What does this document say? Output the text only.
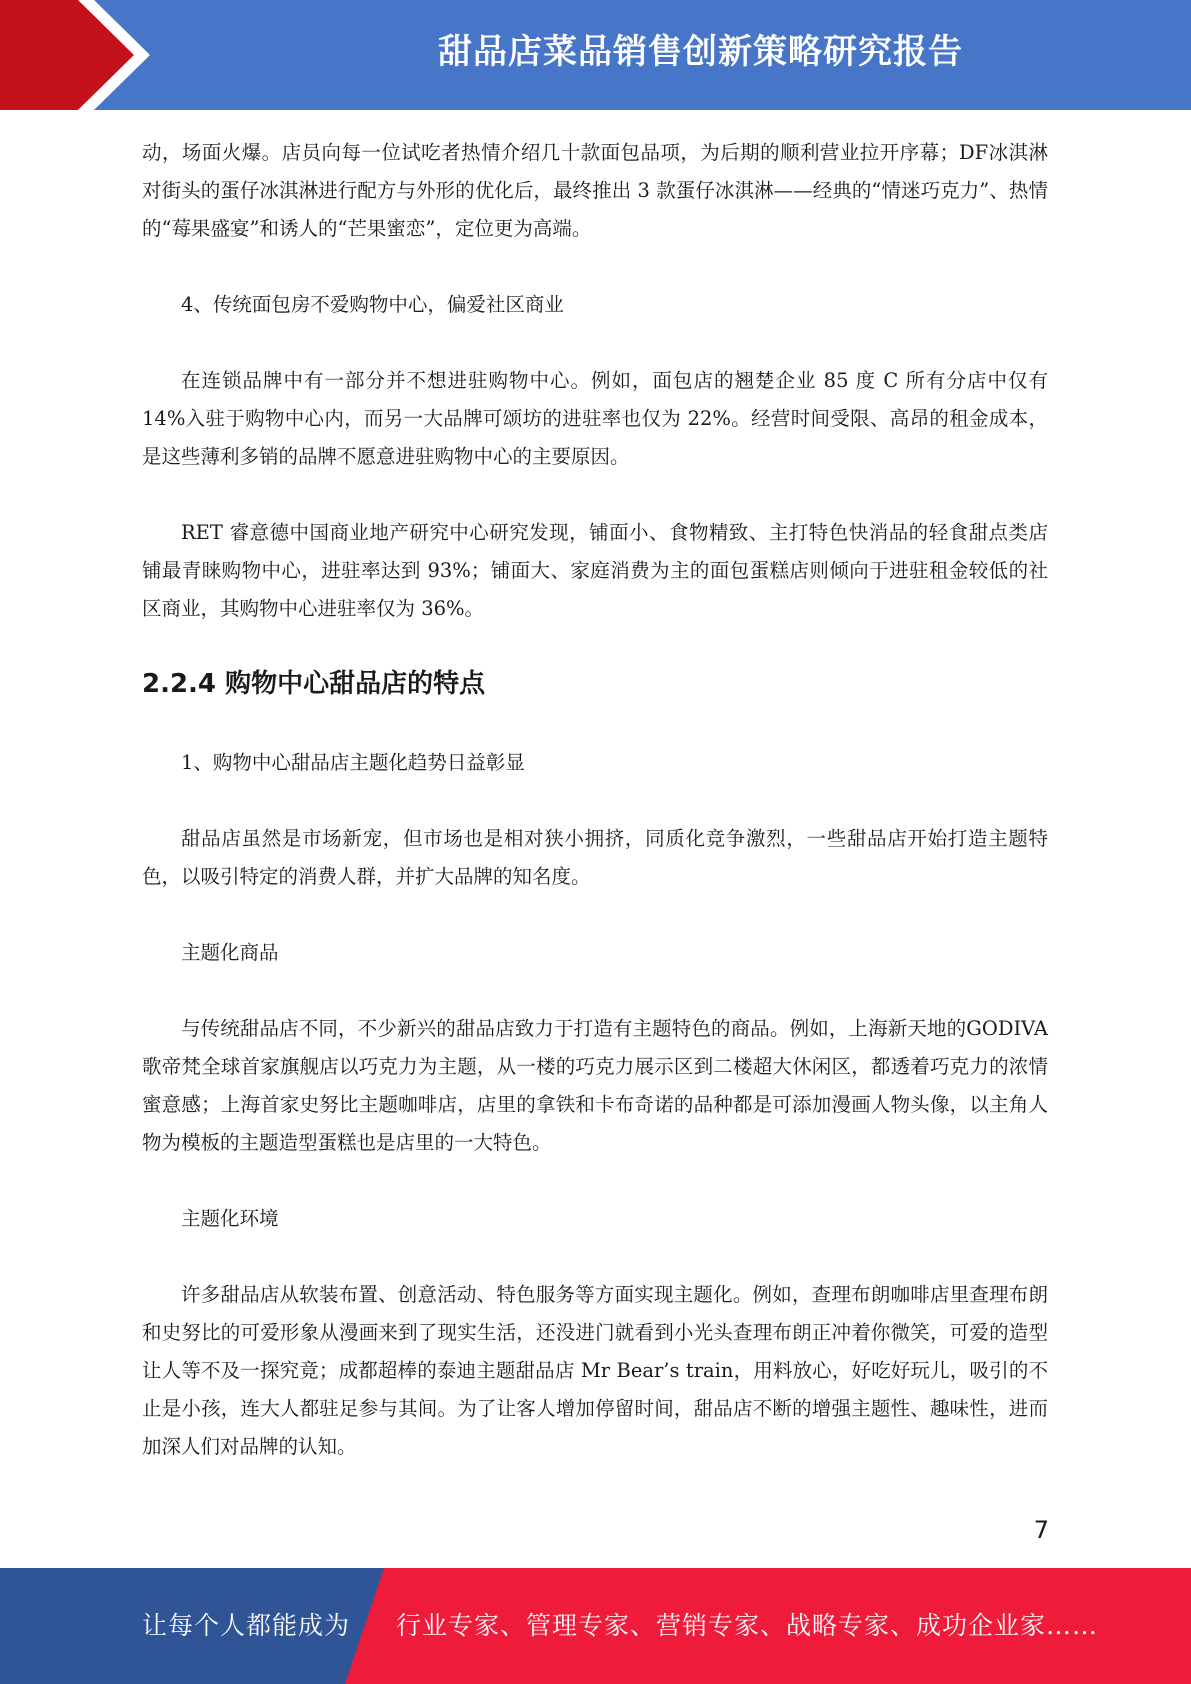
甜品店菜品销售创新策略研究报告

动，场面火爆。店员向每一位试吃者热情介绍几十款面包品项，为后期的顺利营业拉开序幕；DF冰淇淋对街头的蛋仔冰淇淋进行配方与外形的优化后，最终推出 3 款蛋仔冰淇淋——经典的“情迷巧克力”、热情的“莓果盛宴”和诱人的“芒果蜜恋”，定位更为高端。

4、传统面包房不爱购物中心，偏爱社区商业

在连锁品牌中有一部分并不想进驻购物中心。例如，面包店的翘楚企业 85 度 C 所有分店中仅有 14%入驻于购物中心内，而另一大品牌可颂坊的进驻率也仅为 22%。经营时间受限、高昂的租金成本，是这些薄利多销的品牌不愿意进驻购物中心的主要原因。

RET 睿意德中国商业地产研究中心研究发现，铺面小、食物精致、主打特色快消品的轻食甜点类店铺最青睐购物中心，进驻率达到 93%；铺面大、家庭消费为主的面包蛋糕店则倾向于进驻租金较低的社区商业，其购物中心进驻率仅为 36%。

2.2.4 购物中心甜品店的特点

1、购物中心甜品店主题化趋势日益彰显

甜品店虽然是市场新宠，但市场也是相对狭小拥挤，同质化竞争激烈，一些甜品店开始打造主题特色，以吸引特定的消费人群，并扩大品牌的知名度。

主题化商品

与传统甜品店不同，不少新兴的甜品店致力于打造有主题特色的商品。例如，上海新天地的GODIVA 歌帝梵全球首家旗舰店以巧克力为主题，从一楼的巧克力展示区到二楼超大休闲区，都透着巧克力的浓情蜜意感；上海首家史努比主题咖啡店，店里的拿铁和卡布奇诺的品种都是可添加漫画人物头像，以主角人物为模板的主题造型蛋糕也是店里的一大特色。

主题化环境

许多甜品店从软装布置、创意活动、特色服务等方面实现主题化。例如，查理布朗咖啡店里查理布朗和史努比的可爱形象从漫画来到了现实生活，还没进门就看到小光头查理布朗正冲着你微笑，可爱的造型让人等不及一探究竟；成都超棒的泰迪主题甜品店 Mr Bear’s train，用料放心，好吃好玩儿，吸引的不止是小孩，连大人都驻足参与其间。为了让客人增加停留时间，甜品店不断的增强主题性、趣味性，进而加深人们对品牌的认知。

7
让每个人都能成为 行业专家、管理专家、营销专家、战略专家、成功企业家……
